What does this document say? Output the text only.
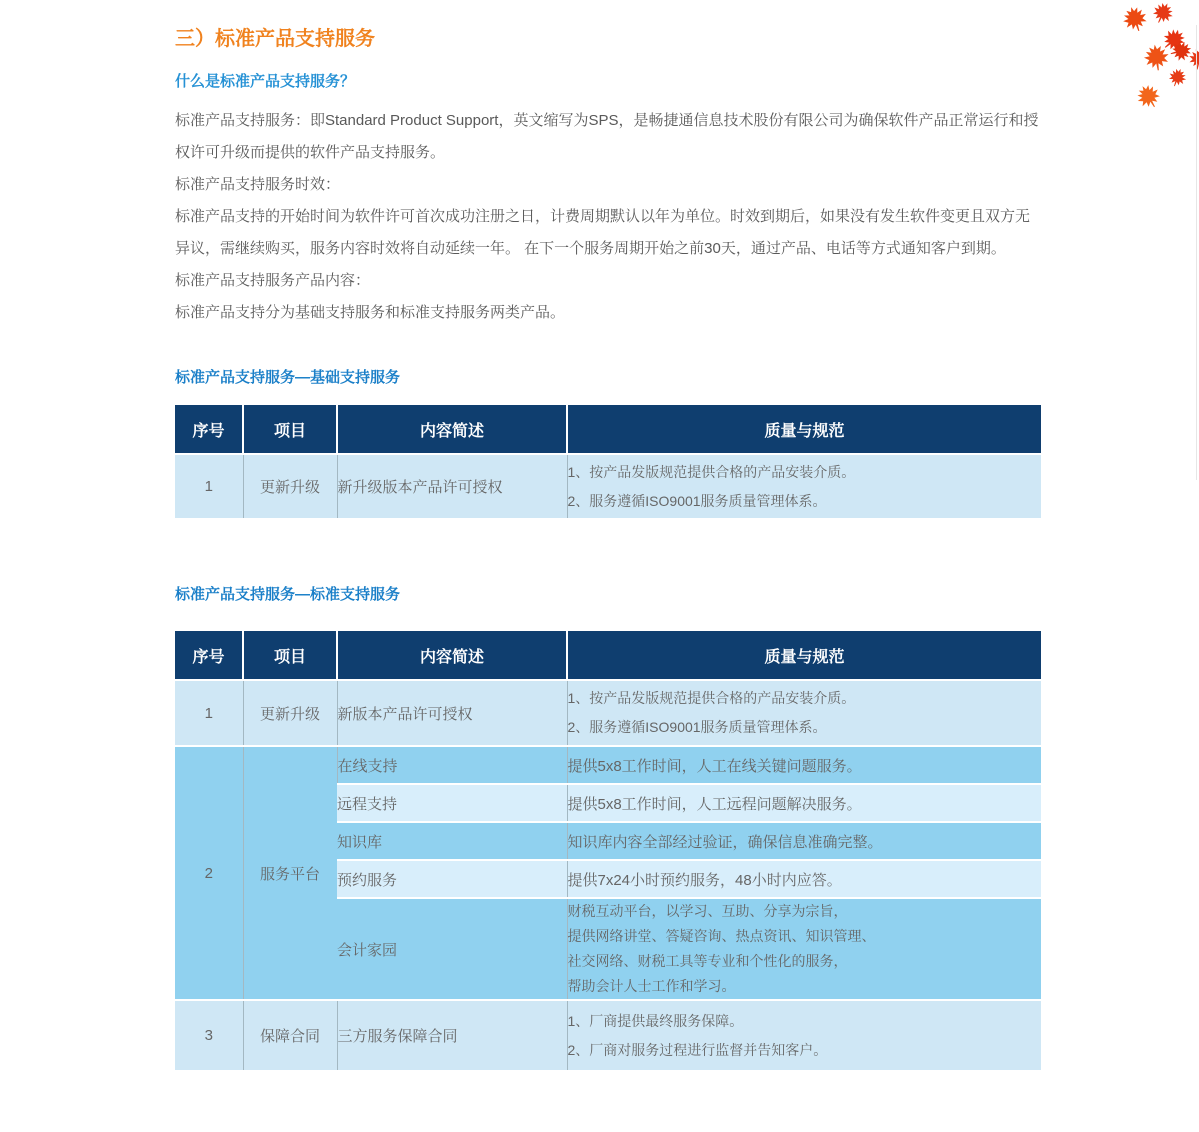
三）标准产品支持服务
什么是标准产品支持服务？

标准产品支持服务：即Standard Product Support，英文缩写为SPS，是畅捷通信息技术股份有限公司为确保软件产品正常运行和授权许可升级而提供的软件产品支持服务。

标准产品支持服务时效：

标准产品支持的开始时间为软件许可首次成功注册之日，计费周期默认以年为单位。时效到期后，如果没有发生软件变更且双方无异议，需继续购买，服务内容时效将自动延续一年。 在下一个服务周期开始之前30天，通过产品、电话等方式通知客户到期。

标准产品支持服务产品内容：

标准产品支持分为基础支持服务和标准支持服务两类产品。

标准产品支持服务—基础支持服务
序号	项目	内容简述	质量与规范
1	更新升级	新升级版本产品许可授权	1、按产品发版规范提供合格的产品安装介质。
2、服务遵循ISO9001服务质量管理体系。
标准产品支持服务—标准支持服务
序号	项目	内容简述	质量与规范
1	更新升级	新版本产品许可授权	1、按产品发版规范提供合格的产品安装介质。
2、服务遵循ISO9001服务质量管理体系。

2	服务平台	在线支持	提供5x8工作时间，人工在线关键问题服务。
		远程支持	提供5x8工作时间，人工远程问题解决服务。
		知识库	知识库内容全部经过验证，确保信息准确完整。
		预约服务	提供7x24小时预约服务，48小时内应答。
		会计家园	财税互动平台，以学习、互助、分享为宗旨，
提供网络讲堂、答疑咨询、热点资讯、知识管理、
社交网络、财税工具等专业和个性化的服务，
帮助会计人士工作和学习。

3	保障合同	三方服务保障合同	1、厂商提供最终服务保障。
2、厂商对服务过程进行监督并告知客户。
